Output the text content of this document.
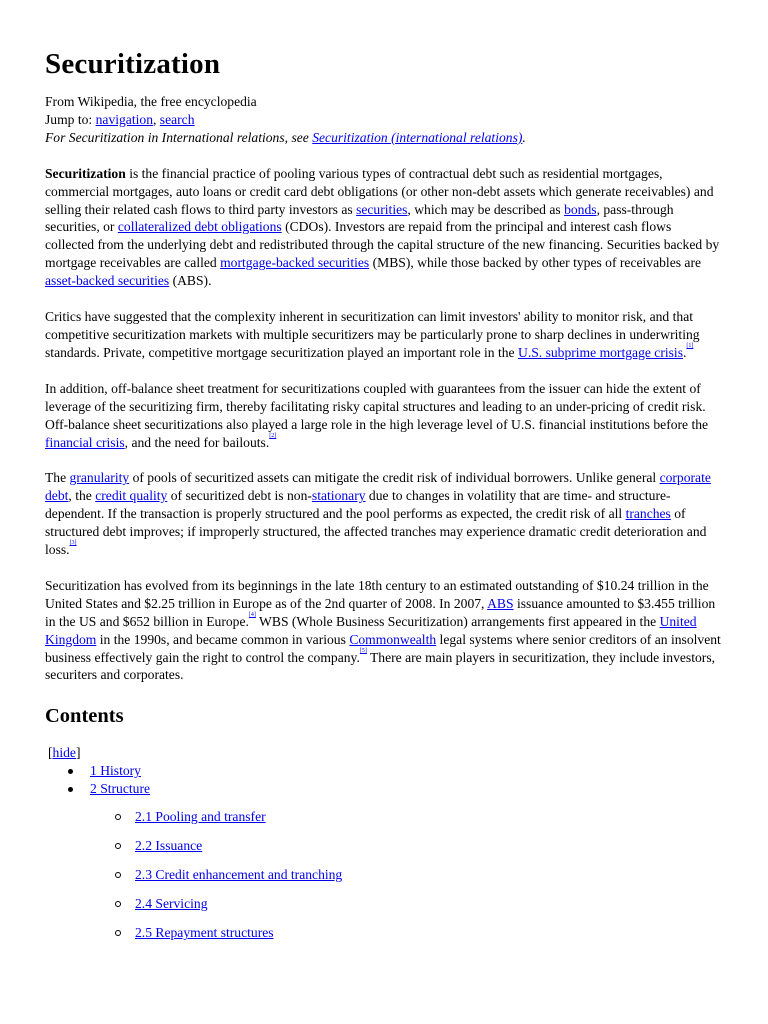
Securitization
From Wikipedia, the free encyclopedia
Jump to: navigation, search
For Securitization in International relations, see Securitization (international relations).

Securitization is the financial practice of pooling various types of contractual debt such as residential mortgages, commercial mortgages, auto loans or credit card debt obligations (or other non-debt assets which generate receivables) and selling their related cash flows to third party investors as securities, which may be described as bonds, pass-through securities, or collateralized debt obligations (CDOs). Investors are repaid from the principal and interest cash flows collected from the underlying debt and redistributed through the capital structure of the new financing. Securities backed by mortgage receivables are called mortgage-backed securities (MBS), while those backed by other types of receivables are asset-backed securities (ABS).

Critics have suggested that the complexity inherent in securitization can limit investors' ability to monitor risk, and that competitive securitization markets with multiple securitizers may be particularly prone to sharp declines in underwriting standards. Private, competitive mortgage securitization played an important role in the U.S. subprime mortgage crisis.[1]

In addition, off-balance sheet treatment for securitizations coupled with guarantees from the issuer can hide the extent of leverage of the securitizing firm, thereby facilitating risky capital structures and leading to an under-pricing of credit risk. Off-balance sheet securitizations also played a large role in the high leverage level of U.S. financial institutions before the financial crisis, and the need for bailouts.[2]

The granularity of pools of securitized assets can mitigate the credit risk of individual borrowers. Unlike general corporate debt, the credit quality of securitized debt is non-stationary due to changes in volatility that are time- and structure-dependent. If the transaction is properly structured and the pool performs as expected, the credit risk of all tranches of structured debt improves; if improperly structured, the affected tranches may experience dramatic credit deterioration and loss.[3]

Securitization has evolved from its beginnings in the late 18th century to an estimated outstanding of $10.24 trillion in the United States and $2.25 trillion in Europe as of the 2nd quarter of 2008. In 2007, ABS issuance amounted to $3.455 trillion in the US and $652 billion in Europe.[4] WBS (Whole Business Securitization) arrangements first appeared in the United Kingdom in the 1990s, and became common in various Commonwealth legal systems where senior creditors of an insolvent business effectively gain the right to control the company.[5] There are main players in securitization, they include investors, securiters and corporates.

Contents
[hide]
1 History
2 Structure
2.1 Pooling and transfer
2.2 Issuance
2.3 Credit enhancement and tranching
2.4 Servicing
2.5 Repayment structures
